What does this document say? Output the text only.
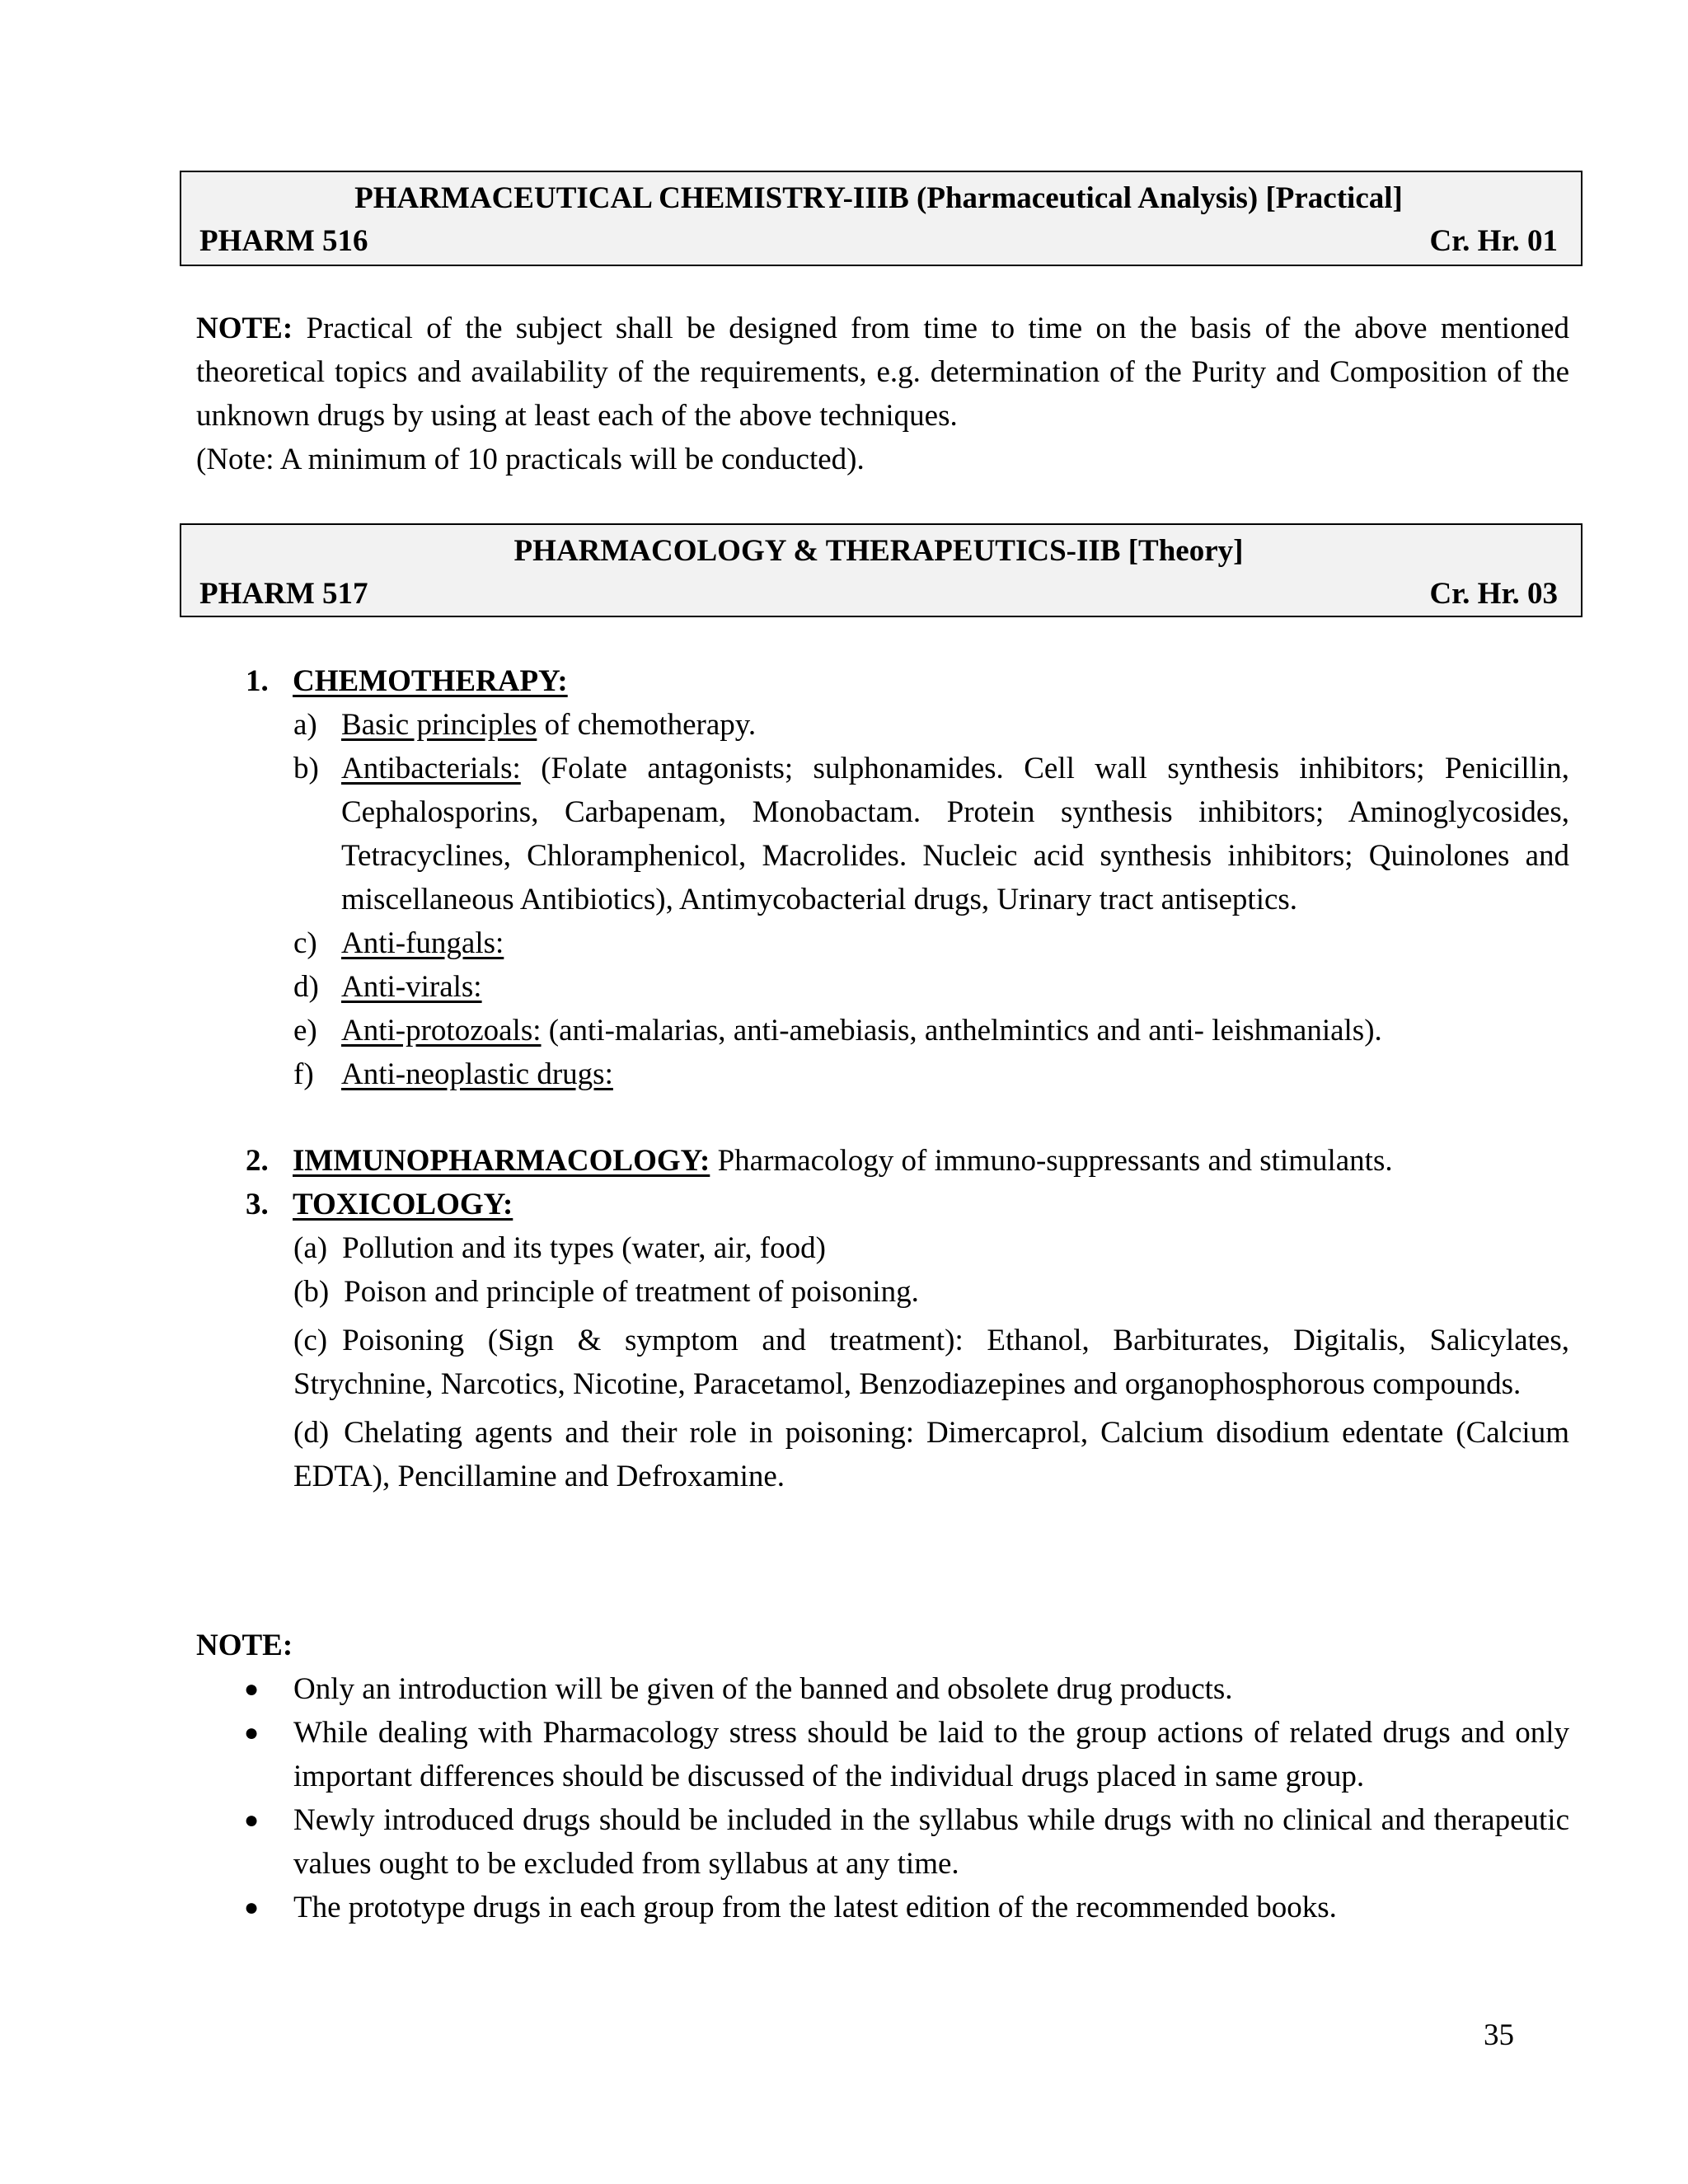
PHARMACEUTICAL CHEMISTRY-IIIB (Pharmaceutical Analysis) [Practical]
PHARM 516	Cr. Hr. 01

NOTE: Practical of the subject shall be designed from time to time on the basis of the above mentioned theoretical topics and availability of the requirements, e.g. determination of the Purity and Composition of the unknown drugs by using at least each of the above techniques.

(Note: A minimum of 10 practicals will be conducted).

PHARMACOLOGY & THERAPEUTICS-IIB [Theory]
PHARM 517	Cr. Hr. 03
1. CHEMOTHERAPY:
a) Basic principles of chemotherapy.
b) Antibacterials: (Folate antagonists; sulphonamides. Cell wall synthesis inhibitors; Penicillin, Cephalosporins, Carbapenam, Monobactam. Protein synthesis inhibitors; Aminoglycosides, Tetracyclines, Chloramphenicol, Macrolides. Nucleic acid synthesis inhibitors; Quinolones and miscellaneous Antibiotics), Antimycobacterial drugs, Urinary tract antiseptics.
c) Anti-fungals:
d) Anti-virals:
e) Anti-protozoals: (anti-malarias, anti-amebiasis, anthelmintics and anti- leishmanials).
f) Anti-neoplastic drugs:
2. IMMUNOPHARMACOLOGY: Pharmacology of immuno-suppressants and stimulants.
3. TOXICOLOGY:
(a) Pollution and its types (water, air, food)
(b) Poison and principle of treatment of poisoning.
(c) Poisoning (Sign & symptom and treatment): Ethanol, Barbiturates, Digitalis, Salicylates, Strychnine, Narcotics, Nicotine, Paracetamol, Benzodiazepines and organophosphorous compounds.
(d) Chelating agents and their role in poisoning: Dimercaprol, Calcium disodium edentate (Calcium EDTA), Pencillamine and Defroxamine.
NOTE:
● Only an introduction will be given of the banned and obsolete drug products.
● While dealing with Pharmacology stress should be laid to the group actions of related drugs and only important differences should be discussed of the individual drugs placed in same group.
● Newly introduced drugs should be included in the syllabus while drugs with no clinical and therapeutic values ought to be excluded from syllabus at any time.
● The prototype drugs in each group from the latest edition of the recommended books.
35
